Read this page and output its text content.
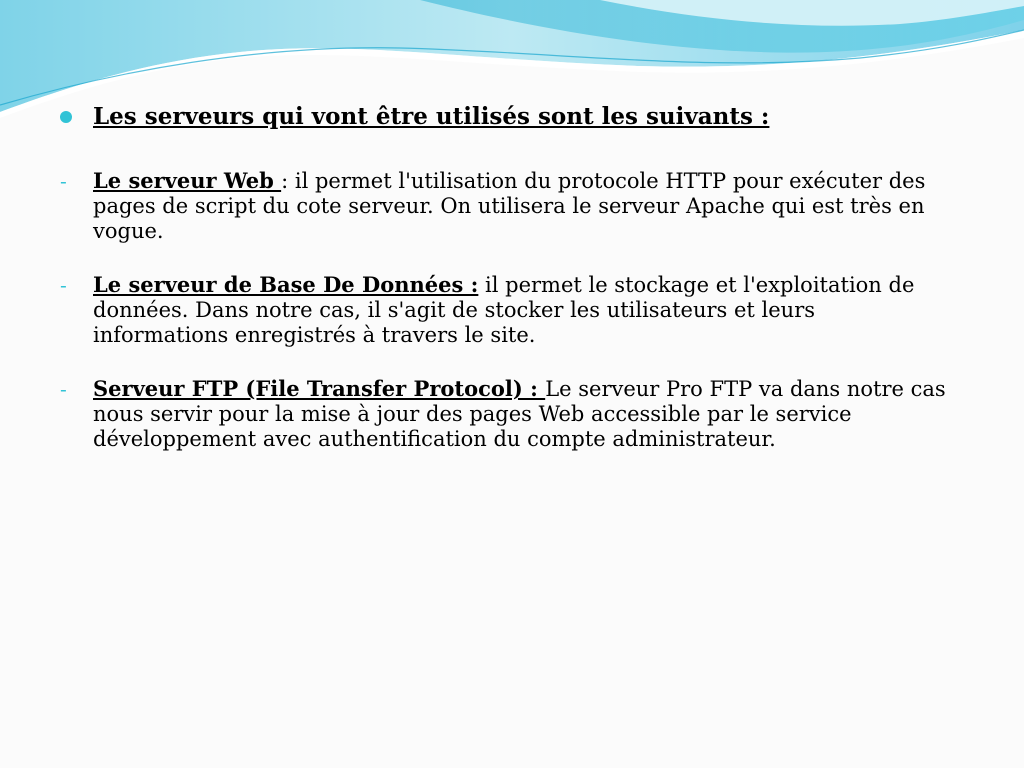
Les serveurs qui vont être utilisés sont les suivants :
-	Le serveur Web : il permet l'utilisation du protocole HTTP pour exécuter des pages de script du cote serveur. On utilisera le serveur Apache qui est très en vogue.
-	Le serveur de Base De Données : il permet le stockage et l'exploitation de données. Dans notre cas, il s'agit de stocker les utilisateurs et leurs informations enregistrés à travers le site.
-	Serveur FTP (File Transfer Protocol) : Le serveur Pro FTP va dans notre cas nous servir pour la mise à jour des pages Web accessible par le service développement avec authentification du compte administrateur.
